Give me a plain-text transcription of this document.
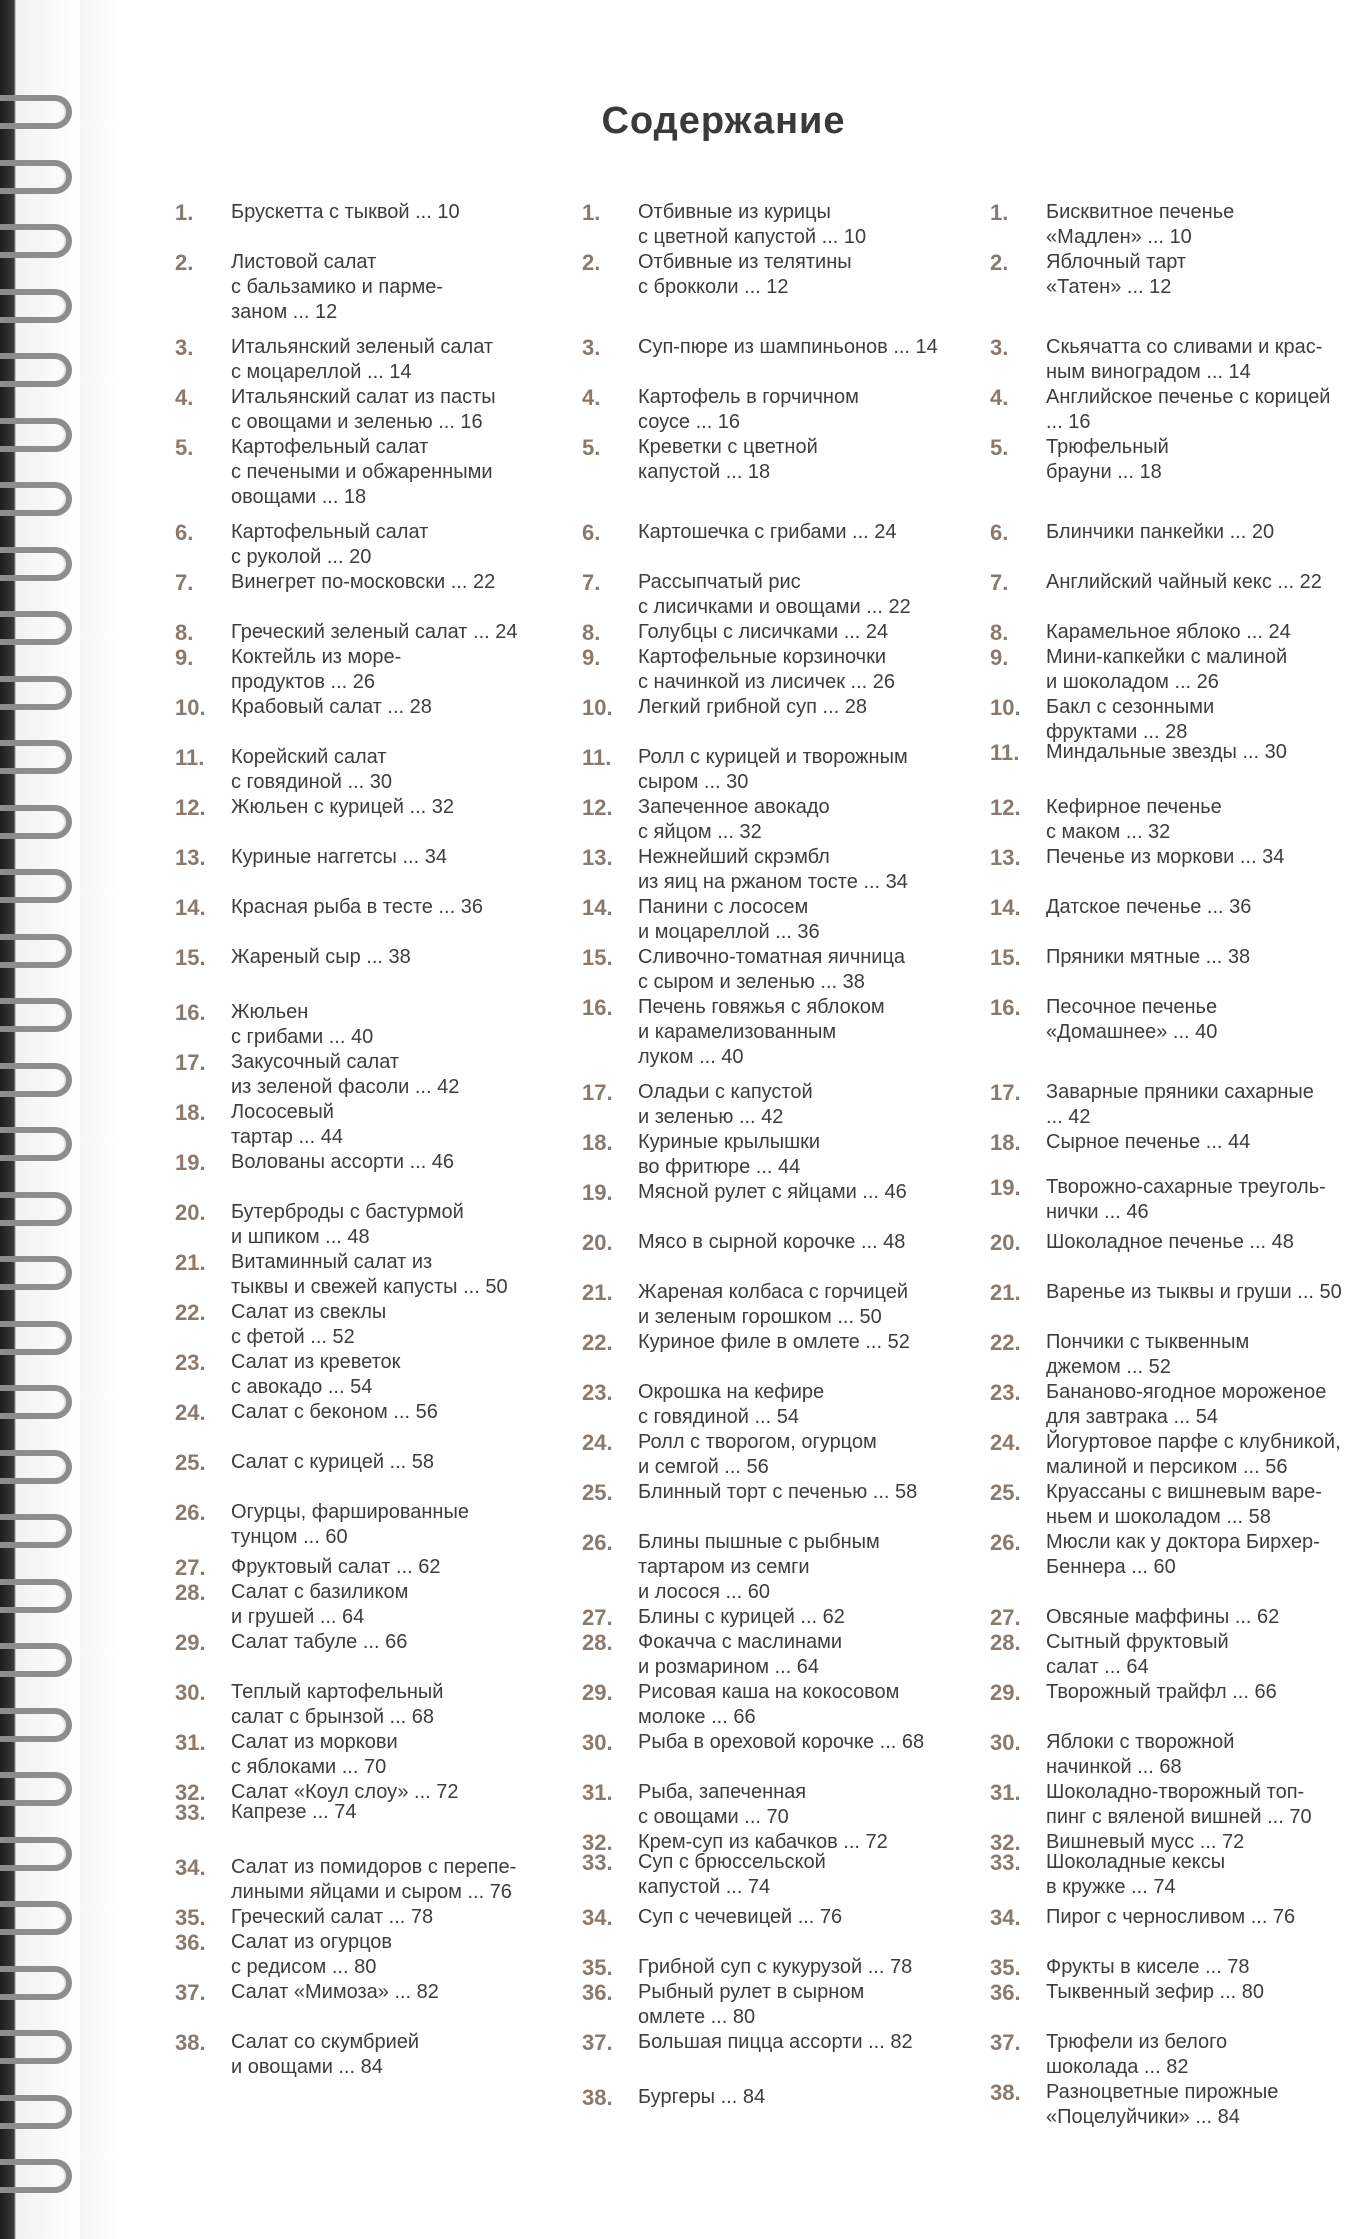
Содержание
1.	Брускетта с тыквой ... 10
2.	Листовой салат
с бальзамико и парме-
заном ... 12
3.	Итальянский зеленый салат
с моцареллой ... 14
4.	Итальянский салат из пасты
с овощами и зеленью ... 16
5.	Картофельный салат
с печеными и обжаренными
овощами ... 18
6.	Картофельный салат
с руколой ... 20
7.	Винегрет по-московски ... 22
8.	Греческий зеленый салат ... 24
9.	Коктейль из море-
продуктов ... 26
10.	Крабовый салат ... 28
11.	Корейский салат
с говядиной ... 30
12.	Жюльен с курицей ... 32
13.	Куриные наггетсы ... 34
14.	Красная рыба в тесте ... 36
15.	Жареный сыр ... 38
16.	Жюльен
с грибами ... 40
17.	Закусочный салат
из зеленой фасоли ... 42
18.	Лососевый
тартар ... 44
19.	Волованы ассорти ... 46
20.	Бутерброды с бастурмой
и шпиком ... 48
21.	Витаминный салат из
тыквы и свежей капусты ... 50
22.	Салат из свеклы
с фетой ... 52
23.	Салат из креветок
с авокадо ... 54
24.	Салат с беконом ... 56
25.	Салат с курицей ... 58
26.	Огурцы, фаршированные
тунцом ... 60
27.	Фруктовый салат ... 62
28.	Салат с базиликом
и грушей ... 64
29.	Салат табуле ... 66
30.	Теплый картофельный
салат с брынзой ... 68
31.	Салат из моркови
с яблоками ... 70
32.	Салат «Коул слоу» ... 72
33.	Капрезе ... 74
34.	Салат из помидоров с перепе-
лиными яйцами и сыром ... 76
35.	Греческий салат ... 78
36.	Салат из огурцов
с редисом ... 80
37.	Салат «Мимоза» ... 82
38.	Салат со скумбрией
и овощами ... 84
1.	Отбивные из курицы
с цветной капустой ... 10
2.	Отбивные из телятины
с брокколи ... 12
3.	Суп-пюре из шампиньонов ... 14
4.	Картофель в горчичном
соусе ... 16
5.	Креветки с цветной
капустой ... 18
6.	Картошечка с грибами ... 24
7.	Рассыпчатый рис
с лисичками и овощами ... 22
8.	Голубцы с лисичками ... 24
9.	Картофельные корзиночки
с начинкой из лисичек ... 26
10.	Легкий грибной суп ... 28
11.	Ролл с курицей и творожным
сыром ... 30
12.	Запеченное авокадо
с яйцом ... 32
13.	Нежнейший скрэмбл
из яиц на ржаном тосте ... 34
14.	Панини с лососем
и моцареллой ... 36
15.	Сливочно-томатная яичница
с сыром и зеленью ... 38
16.	Печень говяжья с яблоком
и карамелизованным
луком ... 40
17.	Оладьи с капустой
и зеленью ... 42
18.	Куриные крылышки
во фритюре ... 44
19.	Мясной рулет с яйцами ... 46
20.	Мясо в сырной корочке ... 48
21.	Жареная колбаса с горчицей
и зеленым горошком ... 50
22.	Куриное филе в омлете ... 52
23.	Окрошка на кефире
с говядиной ... 54
24.	Ролл с творогом, огурцом
и семгой ... 56
25.	Блинный торт с печенью ... 58
26.	Блины пышные с рыбным
тартаром из семги
и лосося ... 60
27.	Блины с курицей ... 62
28.	Фокачча с маслинами
и розмарином ... 64
29.	Рисовая каша на кокосовом
молоке ... 66
30.	Рыба в ореховой корочке ... 68
31.	Рыба, запеченная
с овощами ... 70
32.	Крем-суп из кабачков ... 72
33.	Суп с брюссельской
капустой ... 74
34.	Суп с чечевицей ... 76
35.	Грибной суп с кукурузой ... 78
36.	Рыбный рулет в сырном
омлете ... 80
37.	Большая пицца ассорти ... 82
38.	Бургеры ... 84
1.	Бисквитное печенье
«Мадлен» ... 10
2.	Яблочный тарт
«Татен» ... 12
3.	Скьячатта со сливами и крас-
ным виноградом ... 14
4.	Английское печенье с корицей
... 16
5.	Трюфельный
брауни ... 18
6.	Блинчики панкейки ... 20
7.	Английский чайный кекс ... 22
8.	Карамельное яблоко ... 24
9.	Мини-капкейки с малиной
и шоколадом ... 26
10.	Бакл с сезонными
фруктами ... 28
11.	Миндальные звезды ... 30
12.	Кефирное печенье
с маком ... 32
13.	Печенье из моркови ... 34
14.	Датское печенье ... 36
15.	Пряники мятные ... 38
16.	Песочное печенье
«Домашнее» ... 40
17.	Заварные пряники сахарные
... 42
18.	Сырное печенье ... 44
19.	Творожно-сахарные треуголь-
нички ... 46
20.	Шоколадное печенье ... 48
21.	Варенье из тыквы и груши ... 50
22.	Пончики с тыквенным
джемом ... 52
23.	Бананово-ягодное мороженое
для завтрака ... 54
24.	Йогуртовое парфе с клубникой,
малиной и персиком ... 56
25.	Круассаны с вишневым варе-
ньем и шоколадом ... 58
26.	Мюсли как у доктора Бирхер-
Беннера ... 60
27.	Овсяные маффины ... 62
28.	Сытный фруктовый
салат ... 64
29.	Творожный трайфл ... 66
30.	Яблоки с творожной
начинкой ... 68
31.	Шоколадно-творожный топ-
пинг с вяленой вишней ... 70
32.	Вишневый мусс ... 72
33.	Шоколадные кексы
в кружке ... 74
34.	Пирог с черносливом ... 76
35.	Фрукты в киселе ... 78
36.	Тыквенный зефир ... 80
37.	Трюфели из белого
шоколада ... 82
38.	Разноцветные пирожные
«Поцелуйчики» ... 84
